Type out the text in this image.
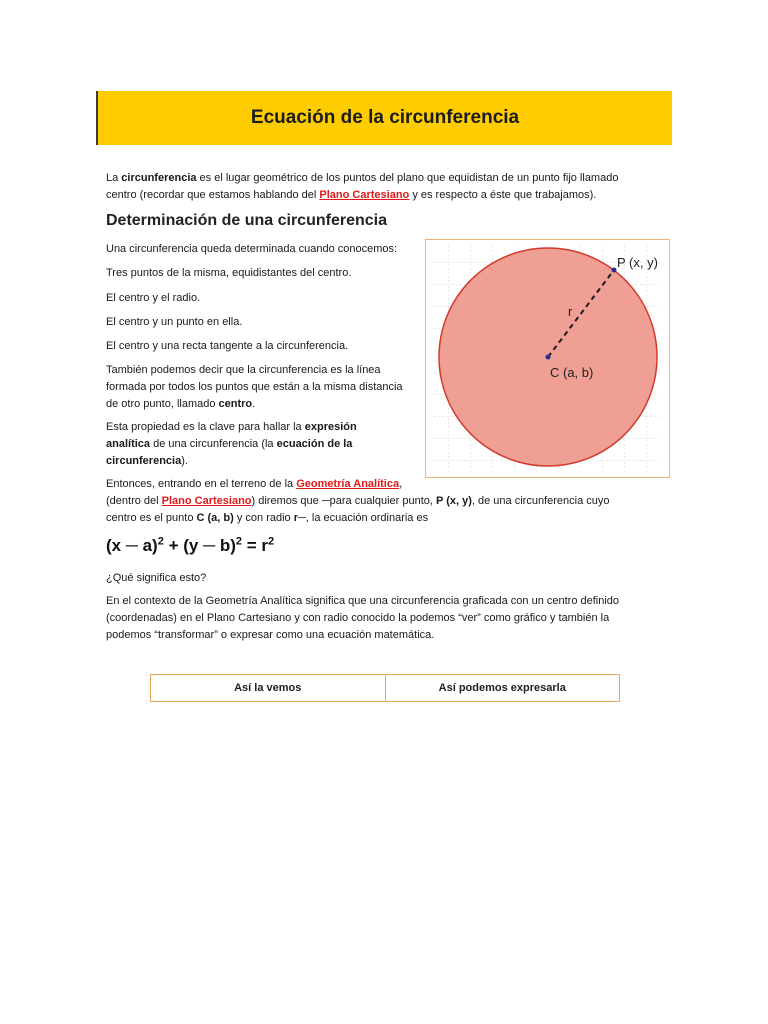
Ecuación de la circunferencia
La circunferencia es el lugar geométrico de los puntos del plano que equidistan de un punto fijo llamado
centro (recordar que estamos hablando del Plano Cartesiano y es respecto a éste que trabajamos).
Determinación de una circunferencia
Una circunferencia queda determinada cuando conocemos:
Tres puntos de la misma, equidistantes del centro.
El centro y el radio.
El centro y un punto en ella.
El centro y una recta tangente a la circunferencia.
También podemos decir que la circunferencia es la línea
formada por todos los puntos que están a la misma distancia
de otro punto, llamado centro.
Esta propiedad es la clave para hallar la expresión
analítica de una circunferencia (la ecuación de la
circunferencia).
Entonces, entrando en el terreno de la Geometría Analítica,
(dentro del Plano Cartesiano) diremos que ─para cualquier punto, P (x, y), de una circunferencia cuyo
centro es el punto C (a, b) y con radio r─, la ecuación ordinaria es
(x ─ a)$^2$ + (y ─ $b)^2 = r^2$
¿Qué significa esto?
En el contexto de la Geometría Analítica significa que una circunferencia graficada con un centro definido
(coordenadas) en el Plano Cartesiano y con radio conocido la podemos “ver” como gráfico y también la
podemos “transformar” o expresar como una ecuación matemática.
P (x, y)
r
C (a, b)
Así la vemos	Así podemos expresarla
